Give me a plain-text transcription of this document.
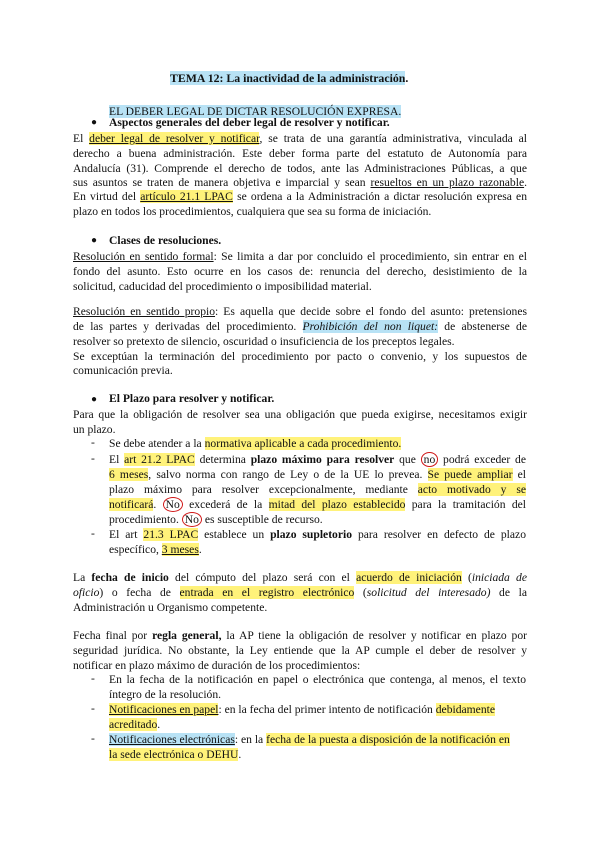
TEMA 12: La inactividad de la administración.
EL DEBER LEGAL DE DICTAR RESOLUCIÓN EXPRESA.
● Aspectos generales del deber legal de resolver y notificar.
El deber legal de resolver y notificar, se trata de una garantía administrativa, vinculada al
derecho a buena administración. Este deber forma parte del estatuto de Autonomía para
Andalucía (31). Comprende el derecho de todos, ante las Administraciones Públicas, a que
sus asuntos se traten de manera objetiva e imparcial y sean resueltos en un plazo razonable.
En virtud del artículo 21.1 LPAC se ordena a la Administración a dictar resolución expresa en
plazo en todos los procedimientos, cualquiera que sea su forma de iniciación.
● Clases de resoluciones.
Resolución en sentido formal: Se limita a dar por concluido el procedimiento, sin entrar en el
fondo del asunto. Esto ocurre en los casos de: renuncia del derecho, desistimiento de la
solicitud, caducidad del procedimiento o imposibilidad material.
Resolución en sentido propio: Es aquella que decide sobre el fondo del asunto: pretensiones
de las partes y derivadas del procedimiento. Prohibición del non liquet: de abstenerse de
resolver so pretexto de silencio, oscuridad o insuficiencia de los preceptos legales.
Se exceptúan la terminación del procedimiento por pacto o convenio, y los supuestos de
comunicación previa.
● El Plazo para resolver y notificar.
Para que la obligación de resolver sea una obligación que pueda exigirse, necesitamos exigir
un plazo.
- Se debe atender a la normativa aplicable a cada procedimiento.
- El art 21.2 LPAC determina plazo máximo para resolver que no podrá exceder de
6 meses, salvo norma con rango de Ley o de la UE lo prevea. Se puede ampliar el
plazo máximo para resolver excepcionalmente, mediante acto motivado y se
notificará. No excederá de la mitad del plazo establecido para la tramitación del
procedimiento. No es susceptible de recurso.
- El art 21.3 LPAC establece un plazo supletorio para resolver en defecto de plazo
específico, 3 meses.
La fecha de inicio del cómputo del plazo será con el acuerdo de iniciación (iniciada de
oficio) o fecha de entrada en el registro electrónico (solicitud del interesado) de la
Administración u Organismo competente.
Fecha final por regla general, la AP tiene la obligación de resolver y notificar en plazo por
seguridad jurídica. No obstante, la Ley entiende que la AP cumple el deber de resolver y
notificar en plazo máximo de duración de los procedimientos:
- En la fecha de la notificación en papel o electrónica que contenga, al menos, el texto
íntegro de la resolución.
- Notificaciones en papel: en la fecha del primer intento de notificación debidamente
acreditado.
- Notificaciones electrónicas: en la fecha de la puesta a disposición de la notificación en
la sede electrónica o DEHU.
